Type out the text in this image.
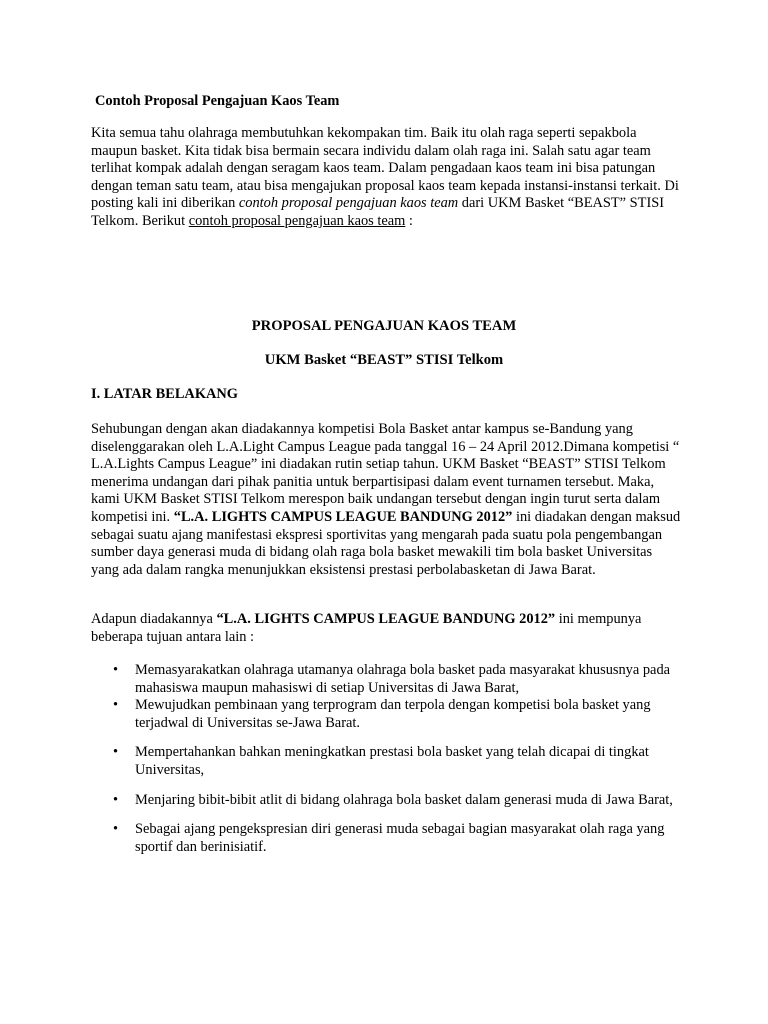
Contoh Proposal Pengajuan Kaos Team
Kita semua tahu olahraga membutuhkan kekompakan tim. Baik itu olah raga seperti sepakbola maupun basket. Kita tidak bisa bermain secara individu dalam olah raga ini. Salah satu agar team terlihat kompak adalah dengan seragam kaos team. Dalam pengadaan kaos team ini bisa patungan dengan teman satu team, atau bisa mengajukan proposal kaos team kepada instansi-instansi terkait. Di posting kali ini diberikan contoh proposal pengajuan kaos team dari UKM Basket “BEAST” STISI Telkom. Berikut contoh proposal pengajuan kaos team :
PROPOSAL PENGAJUAN KAOS TEAM
UKM Basket “BEAST” STISI Telkom
I. LATAR BELAKANG
Sehubungan dengan akan diadakannya kompetisi Bola Basket antar kampus se-Bandung yang diselenggarakan oleh L.A.Light Campus League pada tanggal 16 – 24 April 2012.Dimana kompetisi “ L.A.Lights Campus League” ini diadakan rutin setiap tahun. UKM Basket “BEAST” STISI Telkom menerima undangan dari pihak panitia untuk berpartisipasi dalam event turnamen tersebut. Maka, kami UKM Basket STISI Telkom merespon baik undangan tersebut dengan ingin turut serta dalam kompetisi ini. “L.A. LIGHTS CAMPUS LEAGUE BANDUNG 2012” ini diadakan dengan maksud sebagai suatu ajang manifestasi ekspresi sportivitas yang mengarah pada suatu pola pengembangan sumber daya generasi muda di bidang olah raga bola basket mewakili tim bola basket Universitas yang ada dalam rangka menunjukkan eksistensi prestasi perbolabasketan di Jawa Barat.
Adapun diadakannya “L.A. LIGHTS CAMPUS LEAGUE BANDUNG 2012” ini mempunya beberapa tujuan antara lain :
• Memasyarakatkan olahraga utamanya olahraga bola basket pada masyarakat khususnya pada mahasiswa maupun mahasiswi di setiap Universitas di Jawa Barat,
• Mewujudkan pembinaan yang terprogram dan terpola dengan kompetisi bola basket yang terjadwal di Universitas se-Jawa Barat.
• Mempertahankan bahkan meningkatkan prestasi bola basket yang telah dicapai di tingkat Universitas,
• Menjaring bibit-bibit atlit di bidang olahraga bola basket dalam generasi muda di Jawa Barat,
• Sebagai ajang pengekspresian diri generasi muda sebagai bagian masyarakat olah raga yang sportif dan berinisiatif.
